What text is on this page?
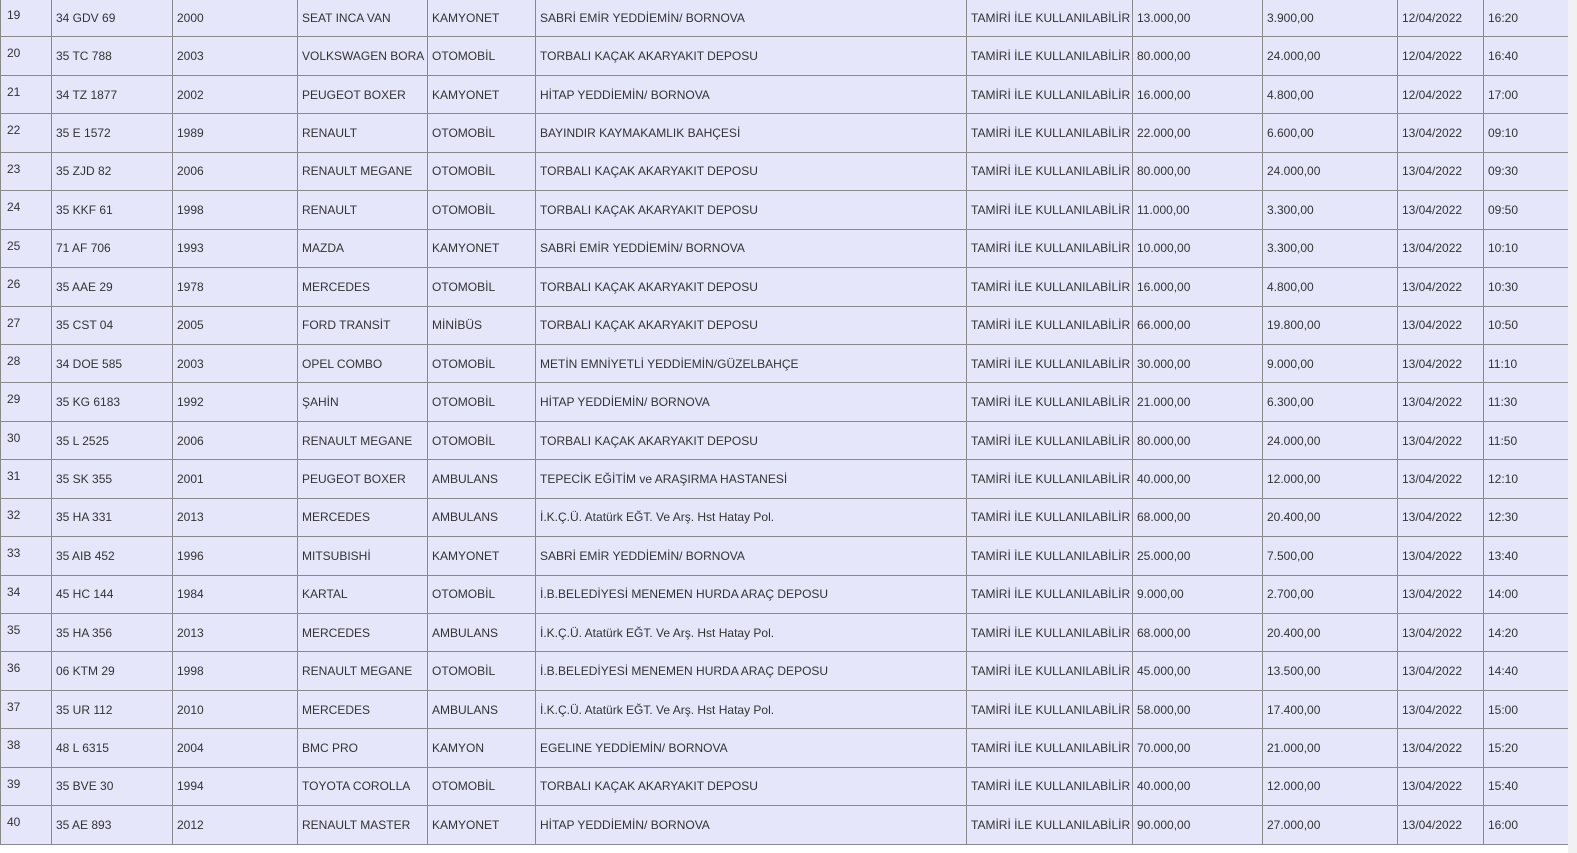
19	34 GDV 69	2000	SEAT INCA VAN	KAMYONET	SABRİ EMİR YEDDİEMİN/ BORNOVA	TAMİRİ İLE KULLANILABİLİR	13.000,00	3.900,00	12/04/2022	16:20
20	35 TC 788	2003	VOLKSWAGEN BORA	OTOMOBİL	TORBALI KAÇAK AKARYAKIT DEPOSU	TAMİRİ İLE KULLANILABİLİR	80.000,00	24.000,00	12/04/2022	16:40
21	34 TZ 1877	2002	PEUGEOT BOXER	KAMYONET	HİTAP YEDDİEMİN/ BORNOVA	TAMİRİ İLE KULLANILABİLİR	16.000,00	4.800,00	12/04/2022	17:00
22	35 E 1572	1989	RENAULT	OTOMOBİL	BAYINDIR KAYMAKAMLIK BAHÇESİ	TAMİRİ İLE KULLANILABİLİR	22.000,00	6.600,00	13/04/2022	09:10
23	35 ZJD 82	2006	RENAULT MEGANE	OTOMOBİL	TORBALI KAÇAK AKARYAKIT DEPOSU	TAMİRİ İLE KULLANILABİLİR	80.000,00	24.000,00	13/04/2022	09:30
24	35 KKF 61	1998	RENAULT	OTOMOBİL	TORBALI KAÇAK AKARYAKIT DEPOSU	TAMİRİ İLE KULLANILABİLİR	11.000,00	3.300,00	13/04/2022	09:50
25	71 AF 706	1993	MAZDA	KAMYONET	SABRİ EMİR YEDDİEMİN/ BORNOVA	TAMİRİ İLE KULLANILABİLİR	10.000,00	3.300,00	13/04/2022	10:10
26	35 AAE 29	1978	MERCEDES	OTOMOBİL	TORBALI KAÇAK AKARYAKIT DEPOSU	TAMİRİ İLE KULLANILABİLİR	16.000,00	4.800,00	13/04/2022	10:30
27	35 CST 04	2005	FORD TRANSİT	MİNİBÜS	TORBALI KAÇAK AKARYAKIT DEPOSU	TAMİRİ İLE KULLANILABİLİR	66.000,00	19.800,00	13/04/2022	10:50
28	34 DOE 585	2003	OPEL COMBO	OTOMOBİL	METİN EMNİYETLİ YEDDİEMİN/GÜZELBAHÇE	TAMİRİ İLE KULLANILABİLİR	30.000,00	9.000,00	13/04/2022	11:10
29	35 KG 6183	1992	ŞAHİN	OTOMOBİL	HİTAP YEDDİEMİN/ BORNOVA	TAMİRİ İLE KULLANILABİLİR	21.000,00	6.300,00	13/04/2022	11:30
30	35 L 2525	2006	RENAULT MEGANE	OTOMOBİL	TORBALI KAÇAK AKARYAKIT DEPOSU	TAMİRİ İLE KULLANILABİLİR	80.000,00	24.000,00	13/04/2022	11:50
31	35 SK 355	2001	PEUGEOT BOXER	AMBULANS	TEPECİK EĞİTİM ve ARAŞIRMA HASTANESİ	TAMİRİ İLE KULLANILABİLİR	40.000,00	12.000,00	13/04/2022	12:10
32	35 HA 331	2013	MERCEDES	AMBULANS	İ.K.Ç.Ü. Atatürk EĞT. Ve Arş. Hst Hatay Pol.	TAMİRİ İLE KULLANILABİLİR	68.000,00	20.400,00	13/04/2022	12:30
33	35 AIB 452	1996	MITSUBISHİ	KAMYONET	SABRİ EMİR YEDDİEMİN/ BORNOVA	TAMİRİ İLE KULLANILABİLİR	25.000,00	7.500,00	13/04/2022	13:40
34	45 HC 144	1984	KARTAL	OTOMOBİL	İ.B.BELEDİYESİ MENEMEN HURDA ARAÇ DEPOSU	TAMİRİ İLE KULLANILABİLİR	9.000,00	2.700,00	13/04/2022	14:00
35	35 HA 356	2013	MERCEDES	AMBULANS	İ.K.Ç.Ü. Atatürk EĞT. Ve Arş. Hst Hatay Pol.	TAMİRİ İLE KULLANILABİLİR	68.000,00	20.400,00	13/04/2022	14:20
36	06 KTM 29	1998	RENAULT MEGANE	OTOMOBİL	İ.B.BELEDİYESİ MENEMEN HURDA ARAÇ DEPOSU	TAMİRİ İLE KULLANILABİLİR	45.000,00	13.500,00	13/04/2022	14:40
37	35 UR 112	2010	MERCEDES	AMBULANS	İ.K.Ç.Ü. Atatürk EĞT. Ve Arş. Hst Hatay Pol.	TAMİRİ İLE KULLANILABİLİR	58.000,00	17.400,00	13/04/2022	15:00
38	48 L 6315	2004	BMC PRO	KAMYON	EGELINE YEDDİEMİN/ BORNOVA	TAMİRİ İLE KULLANILABİLİR	70.000,00	21.000,00	13/04/2022	15:20
39	35 BVE 30	1994	TOYOTA COROLLA	OTOMOBİL	TORBALI KAÇAK AKARYAKIT DEPOSU	TAMİRİ İLE KULLANILABİLİR	40.000,00	12.000,00	13/04/2022	15:40
40	35 AE 893	2012	RENAULT MASTER	KAMYONET	HİTAP YEDDİEMİN/ BORNOVA	TAMİRİ İLE KULLANILABİLİR	90.000,00	27.000,00	13/04/2022	16:00
